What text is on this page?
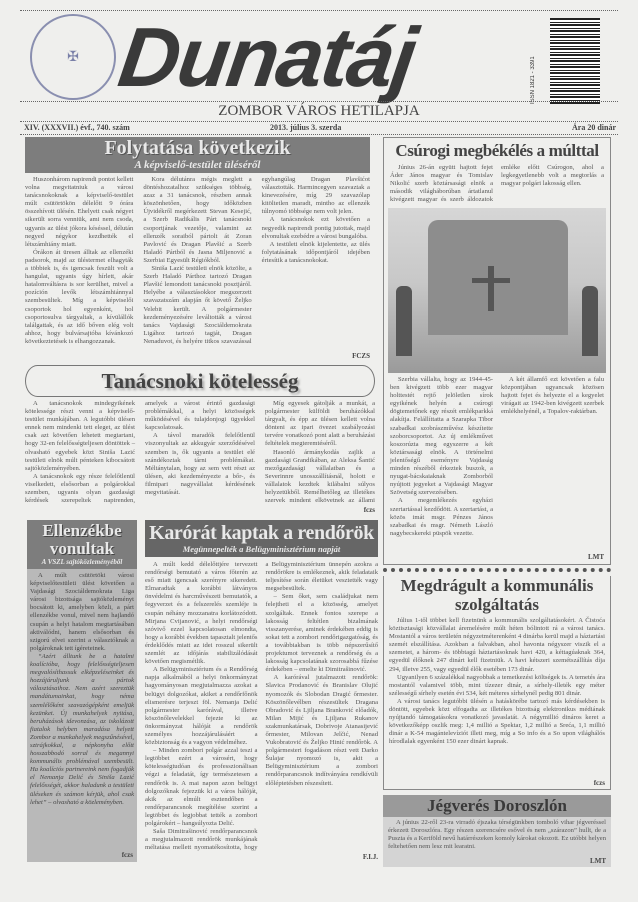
✠ Dunatáj	ISSN 1821 - 3391
ZOMBOR VÁROS HETILAPJA
XIV. (XXXVII.) évf., 740. szám	2013. július 3. szerda	Ára 20 dinár
Folytatása következik
A képviselő-testület üléséről

Huszonhárom napirendi pontot kellett volna megvitatniuk a városi tanácsnokoknak a képviselő-testület múlt csütörtökön délelőtt 9 órára összehívott ülésén. Ehelyett csak négyet sikerült sorra venniük, ami nem csoda, ugyanis az ülést jókora késéssel, délután negyed négykor kezdhették el létszámhiány miatt.

Órákon át üresen álltak az ellenzéki padsorok, majd az üléstermet elhagyták a többiek is, és igencsak feszült volt a hangulat, ugyanis úgy hírlett, akár hatalomváltásra is sor kerülhet, mivel a pozíción levők létszámhiánnyal szembesültek. Míg a képviselői csoportok hol egyenként, hol csoportosulva tárgyaltak, a kívülállók találgattak, és az idő bőven elég volt ahhoz, hogy bulvársajtóba kívánkozó következtetések is elhangozzanak.

Kora délutánra mégis meglett a döntéshozatalhoz szükséges többség, azaz a 31 tanácsnok, részben annak köszönhetően, hogy időközben Újvidékről megérkezett Stevan Kesejić, a Szerb Radikális Párt tanácsnoki csoportjának vezetője, valamint az ellenzék soraiból pártolt át Zoran Pavlović és Dragan Plavšić a Szerb Haladó Pártból és Jasna Miljenović a Szerbiai Egyesült Régiókból.

Siniša Lazić testületi elnök közölte, a Szerb Haladó Párthoz tartozó Dragan Plavšić lemondott tanácsnoki posztjáról. Helyébe a választásokkor megszerzett szavazatszám alapján őt követő Željko Velebit került. A polgármester kezdeményezésére leváltották a városi tanács Vajdasági Szociáldemokrata Ligához tartozó tagját, Dragan Nenaduvot, és helyére titkos szavazással egyhangúlag Dragan Plavšićot választották. Harmincegyen szavaztak a kinevezésére, míg 29 szavazólap kitöltetlen maradt, mintho az ellenzék túlnyomó többsége nem volt jelen.

A tanácsnokok ezt követően a negyedik napirendi pontig jutottak, majd elvonultak ezebédre a városi bungalóba.

A testületi elnök kijelentette, az ülés folytatásának időpontjáról idejében értesítik a tanácsnokokat.

FCZS
Tanácsnoki kötelesség

A tanácsnokok mindegyikének kötelessége részt venni a képviselő-testület munkájában. A legutóbbi ülésen ennek nem mindenki tett eleget, az ülést csak azt követően lehetett megtartani, hogy 32-en felelősségteljesen döntöttek – olvasható egyebek közt Siniša Lazić testületi elnök múlt pénteken kibocsátott sajtóközleményében.

A tanácsnokok egy része felelőtlenül viselkedett, elsősorban a polgárokkal szemben, ugyanis olyan gazdasági kérdések szerepeltek napirenden, amelyek a várost érintő gazdasági problémákkal, a helyi közösségek működésével és tulajdonjogi ügyekkel kapcsolatosak.

A távol maradók felelőtlenül viszonyultak az akkugyár szerződésével szemben is, ők ugyanis a testület elé szándékoztak tárni problémákat. Méltánytalan, hogy az sem vett részt az ülésen, aki kezdeményezte a bőr-, és filmipari nagyvállalat kérdésének megvitatását.

Míg egyesek gátolják a munkát, a polgármester külföldi beruházókkal tárgyalt, és épp az ülésen kellett volna dönteni az ipari övezet szabályozási tervére vonatkozó pont alatt a beruházási feltételek megteremtéséről.

Hasonló ármánykodás zajlik a gazdasági Grandikában, az Aleksa Šantić mezőgazdasági vállalatban és a Severinnre unosszállításnál, holott e vállalatok kezdtek kilábalni súlyos helyzetükből. Remélhetőleg az illetékes szervek mindent elkövetnek az állami

fczs
Ellenzékbe vonultak
A VSZL sajtóközleményéből

A múlt csütörtöki városi képviselőtestületi ülést követően a Vajdasági Szociáldemokrata Liga városi bizottsága sajtóközleményt bocsátott ki, amelyben közli, a párt ellenzékbe vonul, mivel nem hajlandó csupán a helyi hatalom megtartásában aktiválódni, hanem elsősorban és szigorú elvei szerint a választóknak a polgároknak tett ígéreteinek.

“Azért álltunk be a hatalmi koalícióba, hogy felelősségteljesen megvalósíthassuk elképzeléseinket és hozzájáruljunk a pártok választásaihoz. Nem azért szereztük mandátumainkat, hogy néma szemlélőként szavazógépként emeljük kezünket. Új munkahelyek nyitása, beruházások idevonzása, az iskolázott fiatalok helyben maradása helyett Zombor a munkahelyek megszűnésével, sztrájkokkal, a népkonyha előtt hosszabbodó sorral és megannyi kommunális problémával szembesült. Ha koalíciós partnereink nem fogadják el Nemanja Delić és Siniša Lazić felelősségét, akkor haladunk a testületi üléseken és számon kérjük, ahol csak lehet” – olvasható a közleményben.

fczs
Karórát kaptak a rendőrök
Megünnepelték a Belügyminisztérium napját

A múlt kedd délelőttjére tervezett rendőrségi bemutató a város főterén az eső miatt igencsak szerényre sikeredett. Elmaradtak a korábbi látványos önvédelmi és harcművészeti bemutatók, a fegyverzet és a felszerelés szemléje is csupán néhány mozzanatra korlátozódott. Mirjana Cvijanović, a helyi rendőrségi szóvivő ezzel kapcsolatosan elmondta, hogy a korábbi években tapasztalt jelentős érdeklődés miatt az idei rosszul sikerült szemlét az időjárás stabilizálódását követően megismétlik.

A Belügyminisztérium és a Rendőrség napja alkalmából a helyi önkormányzat hagyományosan megjutalmazza azokat a belügyi dolgozókat, akiket a rendőrfőnök elismerésre terjeszt föl. Nemanja Delić polgármester karórával, illetve köszönőlevelekkel fejezte ki az önkormányzat hálóját a rendőrök személyes hozzájárulásáért a közbiztonság és a vagyon védelméhez.

– Minden zombori polgár azzal teszi a legtöbbet ezért a városért, hogy kötelességtudóan és professzionálisan végzi a feladatát, így természetesen a rendőrök is. A mai napon azon belügyi dolgozóknak fejezzük ki a város hálóját, akik az elmúlt esztendőben a rendőrparancsnok megítélése szerint a legtöbbet és legjobbat tették a zombori polgárokért – hangsúlyozta Delić.

Saša Dimitrašinović rendőrparancsnok a megjutalmazott rendőrök munkájának méltatása mellett nyomatékosította, hogy a Belügyminisztérium ünnepén azokra a rendőrökre is emlékeznek, akik feladataik teljesítése során életüket vesztették vagy megsebesültek.

– Sem őket, sem családjukat nem felejtheti el a közösség, amelyet szolgáltak. Ennek fontos szerepe a lakosság feltétlen bizalmának visszanyerése, aminek érdekében eddig is sokat tett a zombori rendőrigazgatóság, és a továbbiakban is több népszerűsítő projektumot terveznek a rendőrség és a lakosság kapcsolatának szorosabbá fűzése érdekében – emelte ki Dimitrašinović.

A karórával jutalmazott rendőrök: Slavica Prodanović és Branislav Olujić nyomozók és Slobodan Dragić őrmester. Köszönőlevélben részesültek Dragana Obradović és Ljiljana Branković előadók, Milan Mijić és Ljiljana Rukanov szakmunkatársak, Dobrivoje Atanasijević őrmester, Milovan Jelčić, Nenad Vukobratović és Željko Hinić rendőrök. A polgármesteri fogadáson részt vett Darko Šulajar nyomozó is, akit a Belügyminisztérium a zombori rendőrparancsnok indítványára rendkívüli előléptetésben részesített.

F.I.J.
Csúrogi megbékélés a múlttal

Június 26-án együtt hajtott fejet Áder János magyar és Tomislav Nikolić szerb köztársasági elnök a második világháborúban ártatlanul kivégzett magyar és szerb áldozatok emléke előtt Csúrogon, ahol a legkegyetlenebb volt a megtorlás a magyar polgári lakosság ellen.

Szerbia vállalta, hogy az 1944-45-ben kivégzett több ezer magyar holttestét rejtő jelöletlen sírok egyikének helyén a csúrogi dögtemetőnek egy részét emlékparkká alakítja. Felállíttatta a Szarapka Tibor szabadkai szobrászművész készítette szoborcsoportot. Az új emlékművet koszorúzta meg egyszerre a két köztársasági elnök. A történelmi jelentőségű eseményre Vajdaság minden részéből érkeztek buszok, a nyugat-bácskaiaknak Zomborból nyújtott jegyeket a Vajdasági Magyar Szövetség szervezésében.

A megemlékezés egyházi szertartással kezdődött. A szertartást, a közös imát msgr. Pénzes János szabadkai és msgr. Németh László nagybecskereki püspök vezette.

A két államfő ezt követően a falu központjában ugyancsak közösen hajtott fejet és helyezte el a kegyelet virágait az 1942-ben kivégzett szerbek emlékhelyénél, a Topalov-raktárban.

LMT
Megdrágult a kommunális szolgáltatás

Július 1-től többet kell fizetnünk a kommunális szolgáltatásokért. A Čistoća köztisztasági közvállalat áremelésére múlt héten bólintott rá a városi tanács. Mostantól a város területén négyzetméterenként 4 dinárba kerül majd a háztartási szemét elszállítása. Azokban a falvakban, ahol havonta négyszer viszik el a szemetet, a három- és többtagú háztartásoknak havi 420, a kéttagúaknak 364, egyedül élőknek 247 dinárt kell fizetniük. A havi kétszeri szemétszállítás díja 294, illetve 255, vagy egyedül élők esetében 173 dinár.

Ugyanilyen 6 százalékkal nagyobbak a temetkezési költségek is. A temetés ára mostantól valamivel több, mint tízezer dinár, a sírhely-illeték egy méter szélességű sírhely esetén évi 534, két méteres sírhelynél pedig 801 dinár.

A városi tanács legutóbbi ülésén a hatáskörébe tartozó más kérdésekben is döntött, egyebek közt elfogadta az illetékes bizottság elektronikus médiának nyújtandó támogatásokra vonatkozó javaslatát. A négymillió dináros keret a következőképp oszlik meg: 1,4 millió a Spektar, 1,2 millió a Sreća, 1,1 millió dinár a K-54 magántelevíziót illeti meg, míg a So info és a So upon világhálós hírodlalak egyenként 150 ezer dinárt kapnak.

fczs
Jégverés Doroszlón

A június 22-ről 23-ra virradó éjszaka térségünkben tomboló vihar jégveréssel érkezett Doroszlóra. Egy részen szerencsére esővel és nem „szárazon” hullt, de a Puszta és a Kertföld nevű határrészeken komoly károkat okozott. Ez utóbbi helyen feltehetően nem lesz mit learatni.

LMT
